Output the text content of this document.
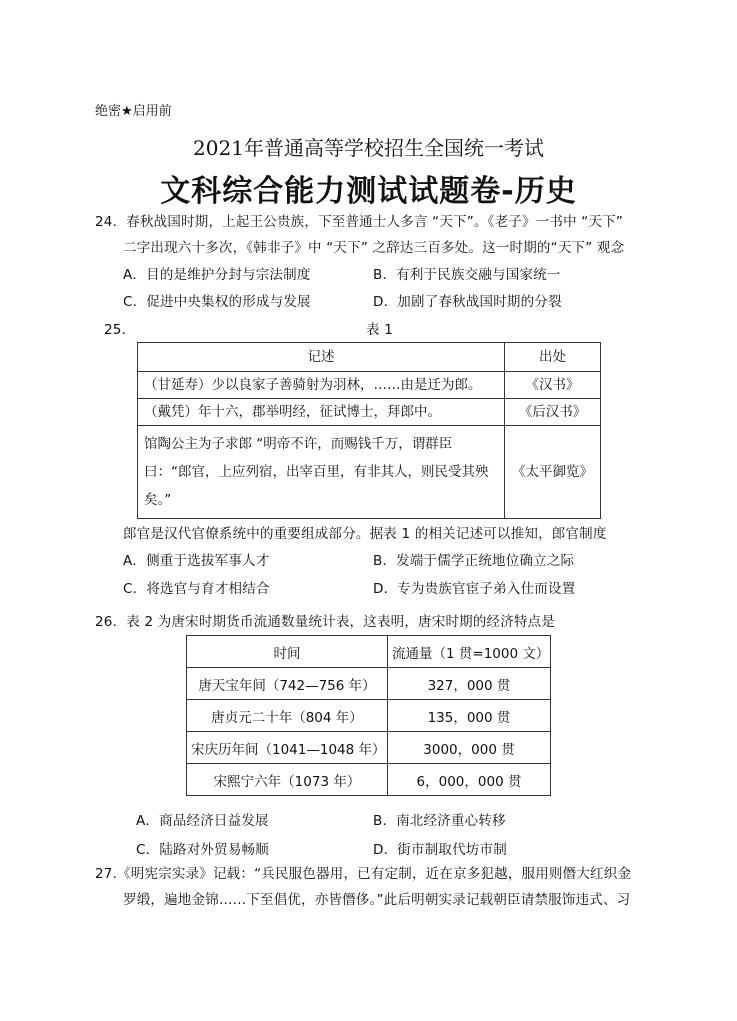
绝密★启用前
2021年普通高等学校招生全国统一考试
文科综合能力测试试题卷-历史
24．春秋战国时期，上起王公贵族，下至普通士人多言 “天下”。《老子》一书中 “天下”
二字出现六十多次，《韩非子》中 “天下” 之辞达三百多处。这一时期的“天下” 观念
A．目的是维护分封与宗法制度	B．有利于民族交融与国家统一
C．促进中央集权的形成与发展	D．加剧了春秋战国时期的分裂
25．	表 1
记述	出处
（甘延寿）少以良家子善骑射为羽林，……由是迁为郎。	《汉书》
（戴凭）年十六，郡举明经，征试博士，拜郎中。	《后汉书》
馆陶公主为子求郎 “明帝不许，而赐钱千万，谓群臣曰：“郎官，上应列宿，出宰百里，有非其人，则民受其殃矣。”	《太平御览》
郎官是汉代官僚系统中的重要组成部分。据表 1 的相关记述可以推知，郎官制度
A．侧重于选拔军事人才	B．发端于儒学正统地位确立之际
C．将选官与育才相结合	D．专为贵族官宦子弟入仕而设置
26．表 2 为唐宋时期货币流通数量统计表，这表明，唐宋时期的经济特点是
时间	流通量（1 贯=1000 文）
唐天宝年间（742—756 年）	327，000 贯
唐贞元二十年（804 年）	135，000 贯
宋庆历年间（1041—1048 年）	3000，000 贯
宋熙宁六年（1073 年）	6，000，000 贯
A．商品经济日益发展	B．南北经济重心转移
C．陆路对外贸易畅顺	D．街市制取代坊市制
27.《明宪宗实录》记载：“兵民服色器用，已有定制，近在京多犯越，服用则僭大红织金
罗缎，遍地金锦……下至倡优，亦皆僭侈。”此后明朝实录记载朝臣请禁服饰违式、习
